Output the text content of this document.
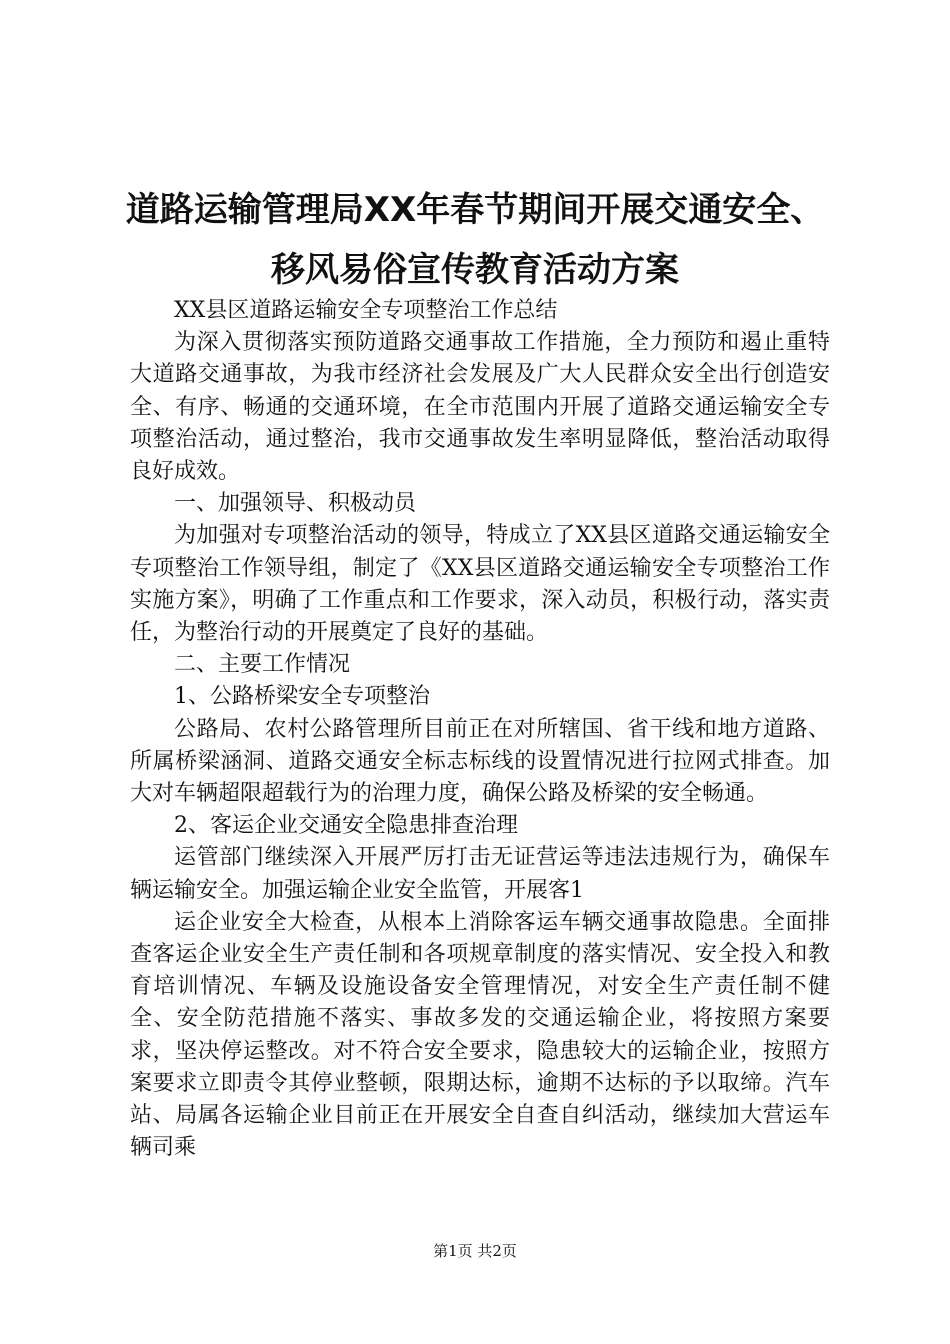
道路运输管理局XX年春节期间开展交通安全、
移风易俗宣传教育活动方案

XX县区道路运输安全专项整治工作总结

为深入贯彻落实预防道路交通事故工作措施，全力预防和遏止重特大道路交通事故，为我市经济社会发展及广大人民群众安全出行创造安全、有序、畅通的交通环境，在全市范围内开展了道路交通运输安全专项整治活动，通过整治，我市交通事故发生率明显降低，整治活动取得良好成效。

一、加强领导、积极动员

为加强对专项整治活动的领导，特成立了XX县区道路交通运输安全专项整治工作领导组，制定了《XX县区道路交通运输安全专项整治工作实施方案》，明确了工作重点和工作要求，深入动员，积极行动，落实责任，为整治行动的开展奠定了良好的基础。

二、主要工作情况

1、公路桥梁安全专项整治

公路局、农村公路管理所目前正在对所辖国、省干线和地方道路、所属桥梁涵洞、道路交通安全标志标线的设置情况进行拉网式排查。加大对车辆超限超载行为的治理力度，确保公路及桥梁的安全畅通。

2、客运企业交通安全隐患排查治理

运管部门继续深入开展严厉打击无证营运等违法违规行为，确保车辆运输安全。加强运输企业安全监管，开展客1

运企业安全大检查，从根本上消除客运车辆交通事故隐患。全面排查客运企业安全生产责任制和各项规章制度的落实情况、安全投入和教育培训情况、车辆及设施设备安全管理情况，对安全生产责任制不健全、安全防范措施不落实、事故多发的交通运输企业，将按照方案要求，坚决停运整改。对不符合安全要求，隐患较大的运输企业，按照方案要求立即责令其停业整顿，限期达标，逾期不达标的予以取缔。汽车站、局属各运输企业目前正在开展安全自查自纠活动，继续加大营运车辆司乘

第1页 共2页
